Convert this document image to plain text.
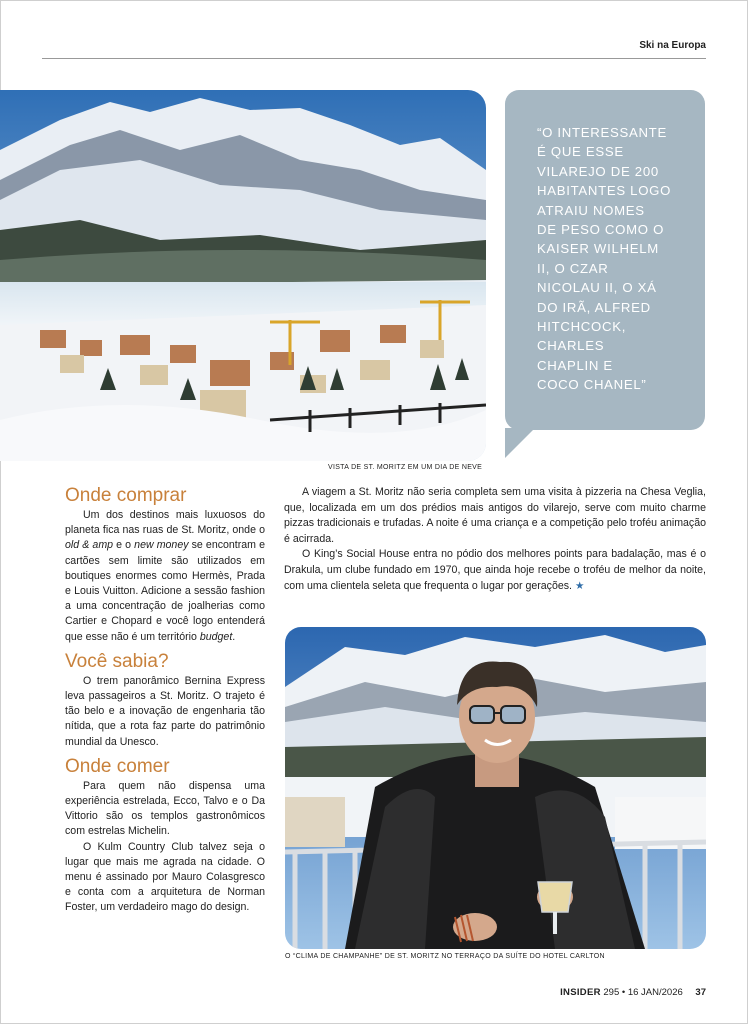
Ski na Europa
“O INTERESSANTE
É QUE ESSE
VILAREJO DE 200
HABITANTES LOGO
ATRAIU NOMES
DE PESO COMO O
KAISER WILHELM
II, O CZAR
NICOLAU II, O XÁ
DO IRÃ, ALFRED
HITCHCOCK,
CHARLES
CHAPLIN E
COCO CHANEL”
VISTA DE ST. MORITZ EM UM DIA DE NEVE
Onde comprar

Um dos destinos mais luxuosos do planeta fica nas ruas de St. Moritz, onde o old & amp e o new money se encontram e cartões sem limite são utilizados em boutiques enormes como Hermès, Prada e Louis Vuitton. Adicione a sessão fashion a uma concentração de joalherias como Cartier e Chopard e você logo entenderá que esse não é um território budget.

Você sabia?

O trem panorâmico Bernina Express leva passageiros a St. Moritz. O trajeto é tão belo e a inovação de engenharia tão nítida, que a rota faz parte do patrimônio mundial da Unesco.

Onde comer

Para quem não dispensa uma experiência estrelada, Ecco, Talvo e o Da Vittorio são os templos gastronômicos com estrelas Michelin.

O Kulm Country Club talvez seja o lugar que mais me agrada na cidade. O menu é assinado por Mauro Colasgresco e conta com a arquitetura de Norman Foster, um verdadeiro mago do design.

A viagem a St. Moritz não seria completa sem uma visita à pizzeria na Chesa Veglia, que, localizada em um dos prédios mais antigos do vilarejo, serve com muito charme pizzas tradicionais e trufadas. A noite é uma criança e a competição pelo troféu animação é acirrada.

O King’s Social House entra no pódio dos melhores points para badalação, mas é o Drakula, um clube fundado em 1970, que ainda hoje recebe o troféu de melhor da noite, com uma clientela seleta que frequenta o lugar por gerações. ★

O “CLIMA DE CHAMPANHE” DE ST. MORITZ NO TERRAÇO DA SUÍTE DO HOTEL CARLTON
INSIDER 295 • 16 JAN/2026 37
